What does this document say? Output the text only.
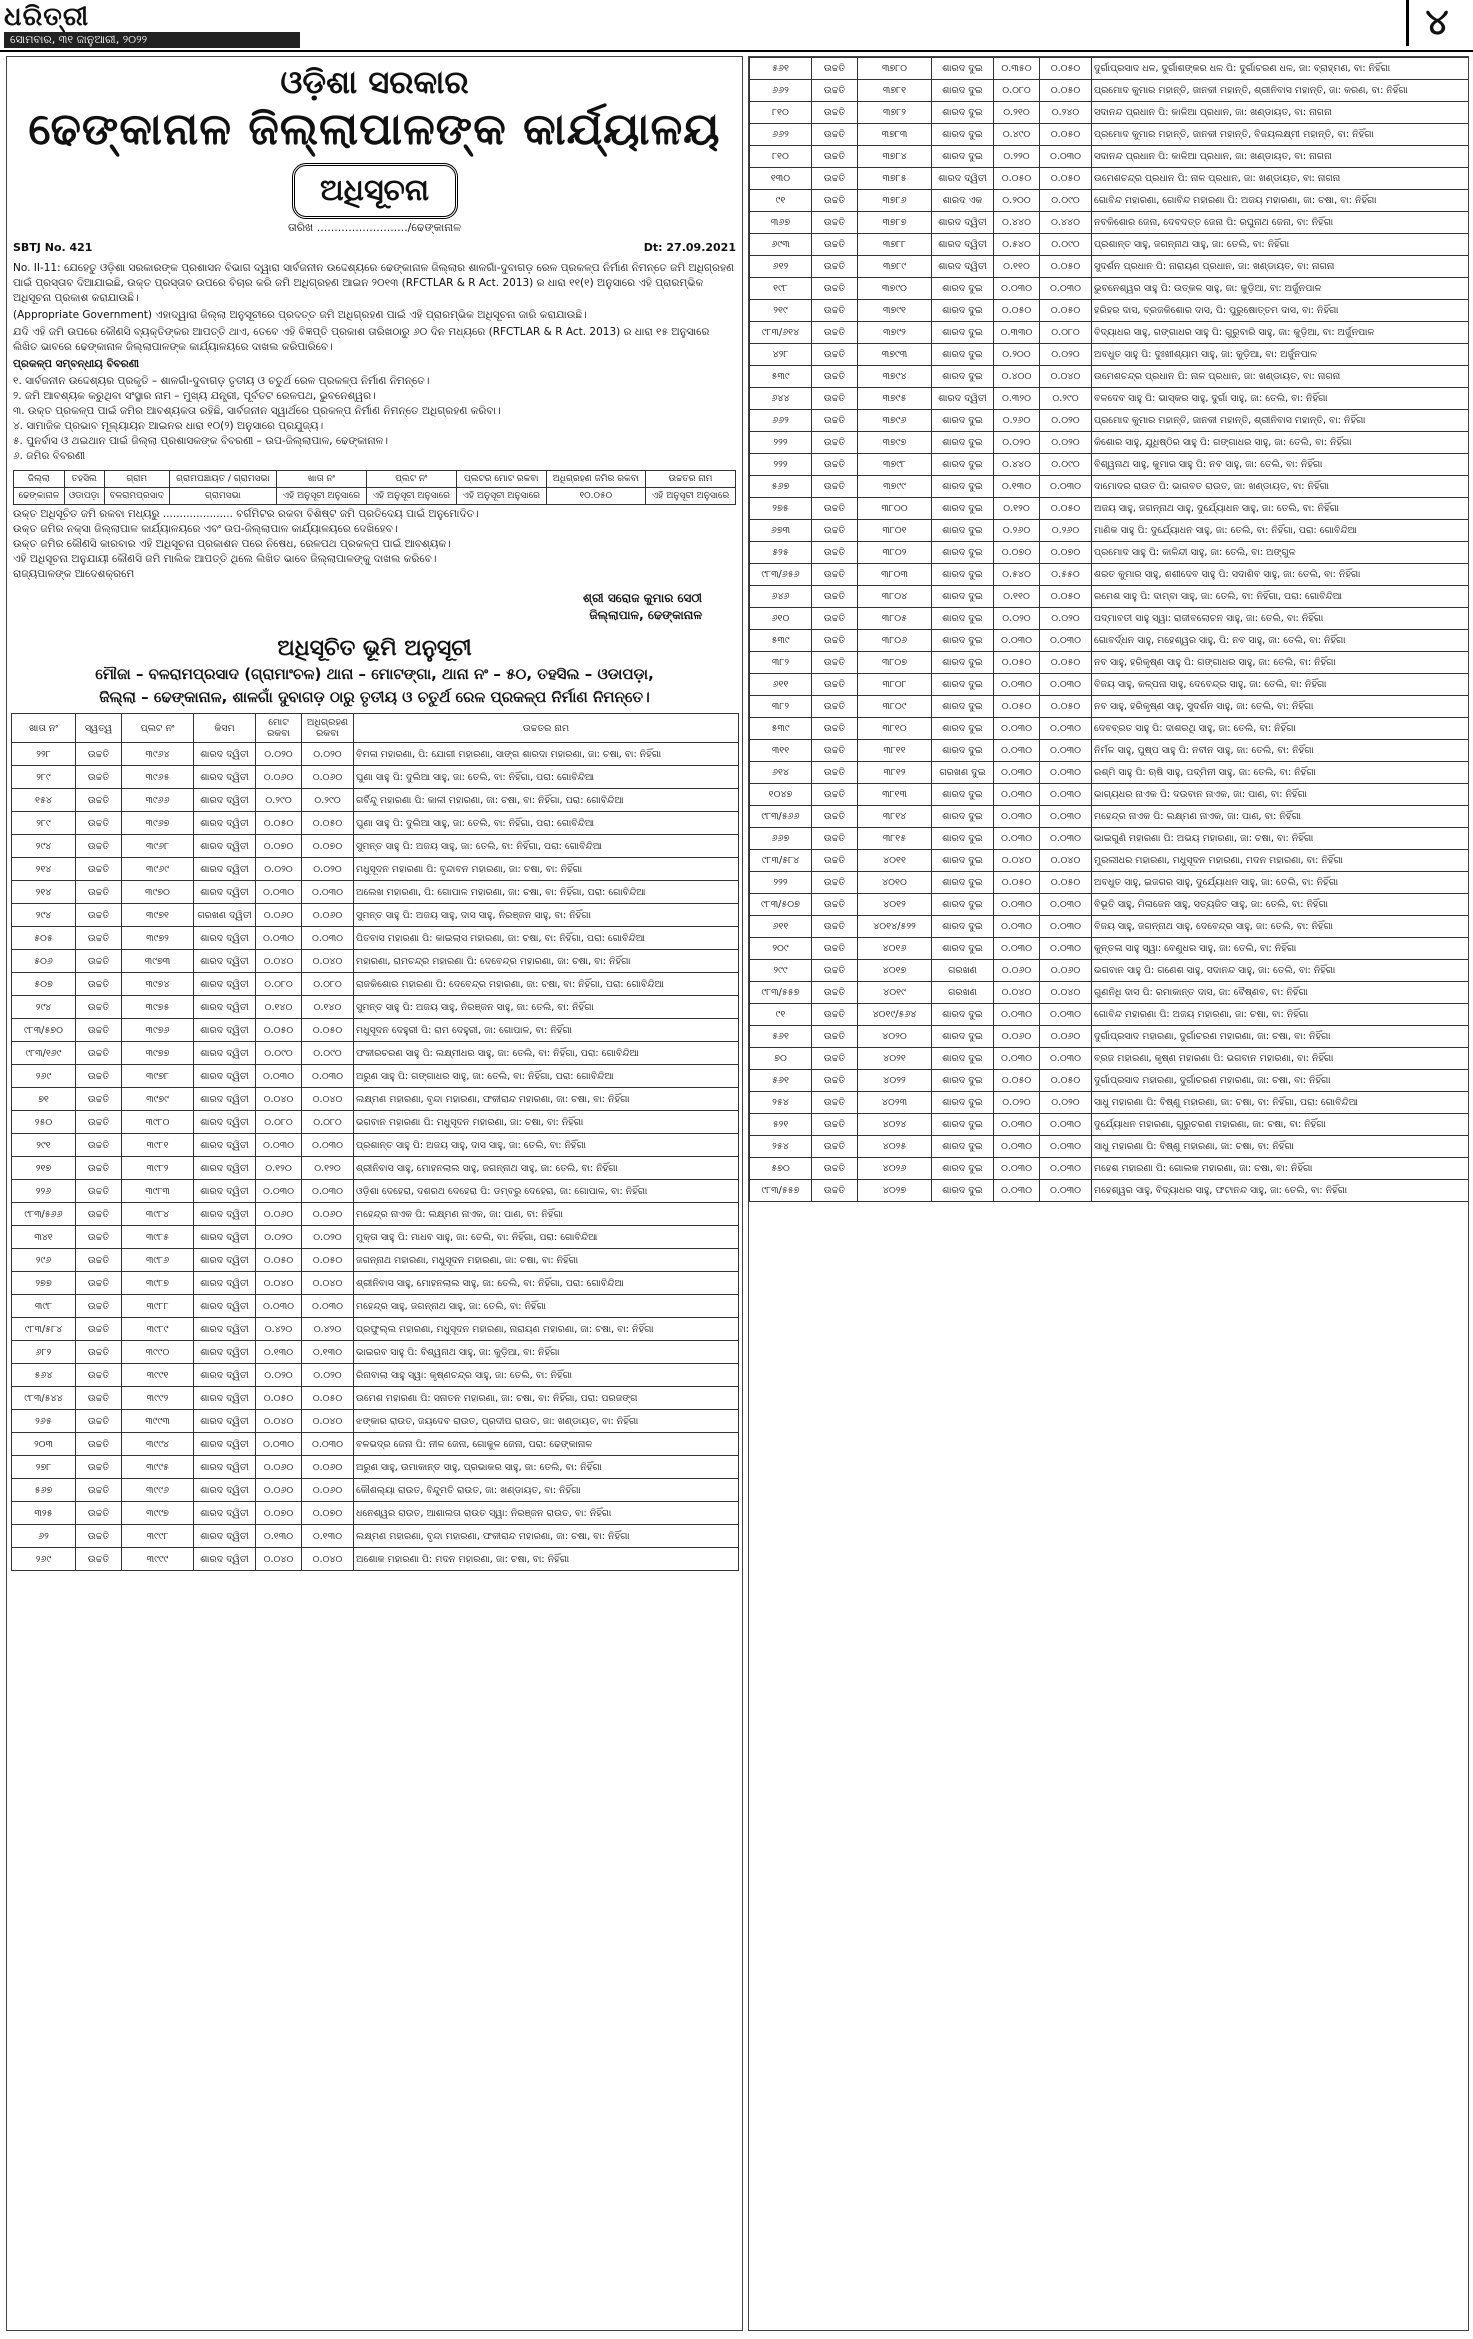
ଧରିତ୍ରୀ
ସୋମବାର, ୩୧ ଜାନୁଆରୀ, ୨୦୨୨	୪
ଓଡ଼ିଶା ସରକାର
ଢେଙ୍କାନାଳ ଜିଲ୍ଲାପାଳଙ୍କ କାର୍ଯ୍ୟାଳୟ
ଅଧିସୂଚନା
ତାରିଖ ........................../ଢେଙ୍କାନାଳ
SBTJ No. 421	Dt: 27.09.2021
No. II-11: ଯେହେତୁ ଓଡ଼ିଶା ସରକାରଙ୍କ ପ୍ରଶାସନ ବିଭାଗ ଦ୍ୱାରା ସାର୍ବଜନୀନ ଉଦ୍ଦେଶ୍ୟରେ ଢେଙ୍କାନାଳ ଜିଲ୍ଲାର ଶାଳଗାଁ-ଦୁବାଗଡ଼ ରେଳ ପ୍ରକଳ୍ପ ନିର୍ମାଣ ନିମନ୍ତେ ଜମି ଅଧିଗ୍ରହଣ ପାଇଁ ପ୍ରସ୍ତାବ ଦିଆଯାଇଛି, ଉକ୍ତ ପ୍ରସ୍ତାବ ଉପରେ ବିଚାର କରି ଜମି ଅଧିଗ୍ରହଣ ଆଇନ ୨୦୧୩ (RFCTLAR & R Act. 2013) ର ଧାରା ୧୧(୧) ଅନୁସାରେ ଏହି ପ୍ରାରମ୍ଭିକ ଅଧିସୂଚନା ପ୍ରକାଶ କରାଯାଉଛି।
(Appropriate Government) ଏହାଦ୍ୱାରା ଜିଲ୍ଲା ଅନୁସୂଚୀରେ ପ୍ରଦତ୍ତ ଜମି ଅଧିଗ୍ରହଣ ପାଇଁ ଏହି ପ୍ରାରମ୍ଭିକ ଅଧିସୂଚନା ଜାରି କରାଯାଉଛି।
ଯଦି ଏହି ଜମି ଉପରେ କୌଣସି ବ୍ୟକ୍ତିଙ୍କର ଆପତ୍ତି ଥାଏ, ତେବେ ଏହି ବିଜ୍ଞପ୍ତି ପ୍ରକାଶ ତାରିଖଠାରୁ ୬୦ ଦିନ ମଧ୍ୟରେ (RFCTLAR & R Act. 2013) ର ଧାରା ୧୫ ଅନୁସାରେ ଲିଖିତ ଭାବରେ ଢେଙ୍କାନାଳ ଜିଲ୍ଲାପାଳଙ୍କ କାର୍ଯ୍ୟାଳୟରେ ଦାଖଲ କରିପାରିବେ।
ପ୍ରକଳ୍ପ ସମ୍ବନ୍ଧୀୟ ବିବରଣୀ
୧. ସାର୍ବଜନୀନ ଉଦ୍ଦେଶ୍ୟର ପ୍ରକୃତି – ଶାଳଗାଁ-ଦୁବାଗଡ଼ ତୃତୀୟ ଓ ଚତୁର୍ଥ ରେଳ ପ୍ରକଳ୍ପ ନିର୍ମାଣ ନିମନ୍ତେ।
୨. ଜମି ଆବଶ୍ୟକ କରୁଥିବା ସଂସ୍ଥାର ନାମ – ମୁଖ୍ୟ ଯନ୍ତ୍ରୀ, ପୂର୍ବତଟ ରେଳପଥ, ଭୁବନେଶ୍ୱର।
୩. ଉକ୍ତ ପ୍ରକଳ୍ପ ପାଇଁ ଜମିର ଆବଶ୍ୟକତା ରହିଛି, ସାର୍ବଜନୀନ ସ୍ୱାର୍ଥରେ ପ୍ରକଳ୍ପ ନିର୍ମାଣ ନିମନ୍ତେ ଅଧିଗ୍ରହଣ କରିବା।
୪. ସାମାଜିକ ପ୍ରଭାବ ମୂଲ୍ୟାୟନ ଆଇନର ଧାରା ୧୦(୨) ଅନୁସାରେ ପ୍ରଯୁଜ୍ୟ।
୫. ପୁନର୍ବାସ ଓ ଥଇଥାନ ପାଇଁ ଜିଲ୍ଲା ପ୍ରଶାସକଙ୍କ ବିବରଣୀ – ଉପ-ଜିଲ୍ଲାପାଳ, ଢେଙ୍କାନାଳ।
୬. ଜମିର ବିବରଣୀ
ଜିଲ୍ଲା	ତହସିଲ	ଗ୍ରାମ	ଗ୍ରାମପଞ୍ଚାୟତ / ଗ୍ରାମସଭା	ଖାତା ନଂ	ପ୍ଲଟ ନଂ	ପ୍ଲଟର ମୋଟ ରକବା	ଅଧିଗ୍ରହଣ ଜମିର ରକବା	ଉଚ୍ଚତର ନାମ
ଢେଙ୍କାନାଳ	ଓଡାପଡ଼ା	ବଳରାମପ୍ରସାଦ	ଗ୍ରାମସଭା	ଏହି ଅନୁସୂଚୀ ଅନୁସାରେ	ଏହି ଅନୁସୂଚୀ ଅନୁସାରେ	ଏହି ଅନୁସୂଚୀ ଅନୁସାରେ	୧୦.୦୫୦	ଏହି ଅନୁସୂଚୀ ଅନୁସାରେ
ଉକ୍ତ ଅଧିସୂଚିତ ଜମି ରକବା ମଧ୍ୟରୁ ..................... ବର୍ଗମିଟର ରକବା ବିଶିଷ୍ଟ ଜମି ପ୍ରତିଦେୟ ପାଇଁ ଅନୁମୋଦିତ।
ଉକ୍ତ ଜମିର ନକ୍ସା ଜିଲ୍ଲାପାଳ କାର୍ଯ୍ୟାଳୟରେ ଏବଂ ଉପ-ଜିଲ୍ଲାପାଳ କାର୍ଯ୍ୟାଳୟରେ ଦେଖିହେବ।
ଉକ୍ତ ଜମିର କୌଣସି କାରବାର ଏହି ଅଧିସୂଚନା ପ୍ରକାଶନ ପରେ ନିଷେଧ, ରେଳପଥ ପ୍ରକଳ୍ପ ପାଇଁ ଆବଶ୍ୟକ।
ଏହି ଅଧିସୂଚନା ଅନୁଯାୟୀ କୌଣସି ଜମି ମାଲିକ ଆପତ୍ତି ଥିଲେ ଲିଖିତ ଭାବେ ଜିଲ୍ଲାପାଳଙ୍କୁ ଦାଖଲ କରିବେ।
ରାଜ୍ୟପାଳଙ୍କ ଆଦେଶକ୍ରମେ
ଶ୍ରୀ ସରୋଜ କୁମାର ସେଠୀ
ଜିଲ୍ଲାପାଳ, ଢେଙ୍କାନାଳ
ଅଧିସୂଚିତ ଭୂମି ଅନୁସୂଚୀ
ମୌଜା – ବଳରାମପ୍ରସାଦ (ଗ୍ରାମାଂଚଳ) ଥାନା – ମୋଟଙ୍ଗା, ଥାନା ନଂ – ୫୦, ତହସିଲ – ଓଡାପଡ଼ା,
ଜିଲ୍ଲା – ଢେଙ୍କାନାଳ, ଶାଳଗାଁ ଦୁବାଗଡ଼ ଠାରୁ ତୃତୀୟ ଓ ଚତୁର୍ଥ ରେଳ ପ୍ରକଳ୍ପ ନିର୍ମାଣ ନିମନ୍ତେ।
ଖାତା ନଂ	ସ୍ୱତ୍ୱ	ପ୍ଲଟ ନଂ	କିସମ	ମୋଟ ରକବା	ଅଧିଗ୍ରହଣ ରକବା	ଉଚ୍ଚତର ନାମ
୨୨୮	ଉଚ୍ଚତି	୩୯୬୪	ଶାରଦ ଦ୍ୱିତୀ	୦.୦୨୦	୦.୦୨୦	ବିମଳା ମହାରଣା, ପି: ଯୋଗୀ ମହାରଣା, ସାଙ୍ଗ ଶାରଦା ମହାରଣା, ଜା: ଚଷା, ବା: ନିହିଁଗା
୨୮୯	ଉଚ୍ଚତି	୩୯୬୫	ଶାରଦ ଦ୍ୱିତୀ	୦.୦୬୦	୦.୦୬୦	ଘୁଣା ସାହୁ ପି: ଦୁଲିଆ ସାହୁ, ଜା: ତେଲି, ବା: ନିହିଁଗା, ପରା: ଗୋବିନ୍ଦିଆ
୧୫୪	ଉଚ୍ଚତି	୩୯୬୬	ଶାରଦ ଦ୍ୱିତୀ	୦.୨୯୦	୦.୨୯୦	ଗର୍ବିନ୍ଦୁ ମହାରଣା ପି: କାଳୀ ମହାରଣା, ଜା: ଚଷା, ବା: ନିହିଁଗା, ପରା: ଗୋବିନ୍ଦିଆ
୨୮୯	ଉଚ୍ଚତି	୩୯୬୭	ଶାରଦ ଦ୍ୱିତୀ	୦.୦୫୦	୦.୦୫୦	ଘୁଣା ସାହୁ ପି: ଦୁଲିଆ ସାହୁ, ଜା: ତେଲି, ବା: ନିହିଁଗା, ପରା: ଗୋବିନ୍ଦିଆ
୨୯୪	ଉଚ୍ଚତି	୩୯୬୮	ଶାରଦ ଦ୍ୱିତୀ	୦.୦୭୦	୦.୦୭୦	ସୁମନ୍ତ ସାହୁ ପି: ଅଜୟ ସାହୁ, ଜା: ତେଲି, ବା: ନିହିଁଗା, ପରା: ଗୋବିନ୍ଦିଆ
୨୧୪	ଉଚ୍ଚତି	୩୯୬୯	ଶାରଦ ଦ୍ୱିତୀ	୦.୦୨୦	୦.୦୨୦	ମଧୁସୂଦନ ମହାରଣା ପି: ବୃନ୍ଦାବନ ମହାରଣା, ଜା: ଚଷା, ବା: ନିହିଁଗା
୨୧୪	ଉଚ୍ଚତି	୩୯୭୦	ଶାରଦ ଦ୍ୱିତୀ	୦.୦୩୦	୦.୦୩୦	ଅଲେଖ ମହାରଣା, ପି: ଗୋପାଳ ମହାରଣା, ଜା: ଚଷା, ବା: ନିହିଁଗା, ପରା: ଗୋବିନ୍ଦିଆ
୨୯୪	ଉଚ୍ଚତି	୩୯୭୧	ଗରଖଣ ଦ୍ୱିତୀ	୦.୦୬୦	୦.୦୬୦	ସୁମନ୍ତ ସାହୁ ପି: ଅଜୟ ସାହୁ, ଦାସ ସାହୁ, ନିରଞ୍ଜନ ସାହୁ, ବା: ନିହିଁଗା
୫୦୫	ଉଚ୍ଚତି	୩୯୭୨	ଶାରଦ ଦ୍ୱିତୀ	୦.୦୩୦	୦.୦୩୦	ପିତବାସ ମହାରଣା ପି: କାଇଲାସ ମହାରଣା, ଜା: ଚଷା, ବା: ନିହିଁଗା, ପରା: ଗୋବିନ୍ଦିଆ
୫୦୬	ଉଚ୍ଚତି	୩୯୭୩	ଶାରଦ ଦ୍ୱିତୀ	୦.୦୪୦	୦.୦୪୦	ମହାରଣା, ରାମଚନ୍ଦ୍ର ମହାରଣା ପି: ଦେବେନ୍ଦ୍ର ମହାରଣା, ଜା: ଚଷା, ବା: ନିହିଁଗା
୫୦୭	ଉଚ୍ଚତି	୩୯୭୪	ଶାରଦ ଦ୍ୱିତୀ	୦.୦୮୦	୦.୦୮୦	ରାଜକିଶୋର ମହାରଣା ପି: ଦେବେନ୍ଦ୍ର ମହାରଣା, ଜା: ଚଷା, ବା: ନିହିଁଗା, ପରା: ଗୋବିନ୍ଦିଆ
୨୯୪	ଉଚ୍ଚତି	୩୯୭୫	ଶାରଦ ଦ୍ୱିତୀ	୦.୧୪୦	୦.୧୪୦	ସୁମନ୍ତ ସାହୁ ପି: ଅଜୟ ସାହୁ, ନିରଞ୍ଜନ ସାହୁ, ଜା: ତେଲି, ବା: ନିହିଁଗା
୯୮୩/୫୭୦	ଉଚ୍ଚତି	୩୯୭୬	ଶାରଦ ଦ୍ୱିତୀ	୦.୦୫୦	୦.୦୫୦	ମଧୁସୂଦନ ଦେହୁରୀ ପି: ରାମ ଦେହୁରୀ, ଜା: ଗୋପାଳ, ବା: ନିହିଁଗା
୯୮୩/୧୬୯	ଉଚ୍ଚତି	୩୯୭୭	ଶାରଦ ଦ୍ୱିତୀ	୦.୦୯୦	୦.୦୯୦	ଫକୀରଚରଣ ସାହୁ ପି: ଲକ୍ଷ୍ମୀଧର ସାହୁ, ଜା: ତେଲି, ବା: ନିହିଁଗା, ପରା: ଗୋବିନ୍ଦିଆ
୨୬୯	ଉଚ୍ଚତି	୩୯୭୮	ଶାରଦ ଦ୍ୱିତୀ	୦.୦୩୦	୦.୦୩୦	ଅରୁଣ ସାହୁ ପି: ଗଙ୍ଗାଧର ସାହୁ, ଜା: ତେଲି, ବା: ନିହିଁଗା, ପରା: ଗୋବିନ୍ଦିଆ
୭୧	ଉଚ୍ଚତି	୩୯୭୯	ଶାରଦ ଦ୍ୱିତୀ	୦.୦୪୦	୦.୦୪୦	ଲକ୍ଷ୍ମଣ ମହାରଣା, ବୃନ୍ଦା ମହାରଣା, ଫକୀରାନ୍ଦ ମହାରଣା, ଜା: ଚଷା, ବା: ନିହିଁଗା
୨୫୦	ଉଚ୍ଚତି	୩୯୮୦	ଶାରଦ ଦ୍ୱିତୀ	୦.୦୮୦	୦.୦୮୦	ଭଗବାନ ମହାରଣା ପି: ମଧୁସୂଦନ ମହାରଣା, ଜା: ଚଷା, ବା: ନିହିଁଗା
୨୯୧	ଉଚ୍ଚତି	୩୯୮୧	ଶାରଦ ଦ୍ୱିତୀ	୦.୦୩୦	୦.୦୩୦	ପ୍ରଶାନ୍ତ ସାହୁ ପି: ଅଜୟ ସାହୁ, ଦାସ ସାହୁ, ଜା: ତେଲି, ବା: ନିହିଁଗା
୨୧୭	ଉଚ୍ଚତି	୩୯୮୨	ଶାରଦ ଦ୍ୱିତୀ	୦.୧୨୦	୦.୧୨୦	ଶ୍ରୀନିବାସ ସାହୁ, ମୋହନଲାଲ ସାହୁ, ଜଗନ୍ନାଥ ସାହୁ, ଜା: ତେଲି, ବା: ନିହିଁଗା
୨୨୬	ଉଚ୍ଚତି	୩୯୮୩	ଶାରଦ ଦ୍ୱିତୀ	୦.୦୩୦	୦.୦୩୦	ଓଡ଼ିଶା ଦେହେରା, ଦଶରଥ ଦେହେରା ପି: ଡମ୍ବରୁ ଦେହେରା, ଜା: ଗୋପାଳ, ବା: ନିହିଁଗା
୯୮୩/୫୬୬	ଉଚ୍ଚତି	୩୯୮୪	ଶାରଦ ଦ୍ୱିତୀ	୦.୦୬୦	୦.୦୬୦	ମହେନ୍ଦ୍ର ନାଏକ ପି: ଲକ୍ଷ୍ମଣ ନାଏକ, ଜା: ପାଣ, ବା: ନିହିଁଗା
୩୪୧	ଉଚ୍ଚତି	୩୯୮୫	ଶାରଦ ଦ୍ୱିତୀ	୦.୦୨୦	୦.୦୨୦	ମୁକ୍ତା ସାହୁ ପି: ମାଧବ ସାହୁ, ଜା: ତେଲି, ବା: ନିହିଁଗା, ପରା: ଗୋବିନ୍ଦିଆ
୨୯୬	ଉଚ୍ଚତି	୩୯୮୬	ଶାରଦ ଦ୍ୱିତୀ	୦.୦୫୦	୦.୦୫୦	ଜଗନ୍ନାଥ ମହାରଣା, ମଧୁସୂଦନ ମହାରଣା, ଜା: ଚଷା, ବା: ନିହିଁଗା
୨୭୭	ଉଚ୍ଚତି	୩୯୮୭	ଶାରଦ ଦ୍ୱିତୀ	୦.୦୪୦	୦.୦୪୦	ଶ୍ରୀନିବାସ ସାହୁ, ମୋହନଲାଲ ସାହୁ, ଜା: ତେଲି, ବା: ନିହିଁଗା, ପରା: ଗୋବିନ୍ଦିଆ
୩୯୮	ଉଚ୍ଚତି	୩୯୮୮	ଶାରଦ ଦ୍ୱିତୀ	୦.୦୩୦	୦.୦୩୦	ମହେନ୍ଦ୍ର ସାହୁ, ଜଗନ୍ନାଥ ସାହୁ, ଜା: ତେଲି, ବା: ନିହିଁଗା
୯୮୩/୫୮୪	ଉଚ୍ଚତି	୩୯୮୯	ଶାରଦ ଦ୍ୱିତୀ	୦.୪୨୦	୦.୪୨୦	ପ୍ରଫୁଲ୍ଲ ମହାରଣା, ମଧୁସୂଦନ ମହାରଣା, ନାରାୟଣ ମହାରଣା, ଜା: ଚଷା, ବା: ନିହିଁଗା
୬୮୨	ଉଚ୍ଚତି	୩୯୯୦	ଶାରଦ ଦ୍ୱିତୀ	୦.୧୩୦	୦.୧୩୦	ଭାଇରବ ସାହୁ ପି: ବିଶ୍ୱନାଥ ସାହୁ, ଜା: କୁଡ଼ିଆ, ବା: ନିହିଁଗା
୫୬୪	ଉଚ୍ଚତି	୩୯୯୧	ଶାରଦ ଦ୍ୱିତୀ	୦.୦୨୦	୦.୦୨୦	ରିନାବାଲା ସାହୁ ସ୍ୱା: କୃଷ୍ଣଚନ୍ଦ୍ର ସାହୁ, ଜା: ତେଲି, ବା: ନିହିଁଗା
୯୮୩/୫୪୪	ଉଚ୍ଚତି	୩୯୯୨	ଶାରଦ ଦ୍ୱିତୀ	୦.୦୫୦	୦.୦୫୦	ଉମେଶ ମହାରଣା ପି: ସନାତନ ମହାରଣା, ଜା: ଚଷା, ବା: ନିହିଁଗା, ପରା: ପରଜଙ୍ଗ
୨୬୫	ଉଚ୍ଚତି	୩୯୯୩	ଶାରଦ ଦ୍ୱିତୀ	୦.୦୪୦	୦.୦୪୦	ଝଙ୍କାର ରାଉତ, ଜୟଦେବ ରାଉତ, ପ୍ରଦୀପ ରାଉତ, ଜା: ଖଣ୍ଡାୟତ, ବା: ନିହିଁଗା
୨୦୩	ଉଚ୍ଚତି	୩୯୯୪	ଶାରଦ ଦ୍ୱିତୀ	୦.୦୩୦	୦.୦୩୦	ବଳଭଦ୍ର ଜେନା ପି: ନୀଳ ଜେନା, ଗୋକୁଳ ଜେନା, ପରା: ଢେଙ୍କାନାଳ
୨୭୮	ଉଚ୍ଚତି	୩୯୯୫	ଶାରଦ ଦ୍ୱିତୀ	୦.୦୬୦	୦.୦୬୦	ଅରୁଣ ସାହୁ, ଉମାକାନ୍ତ ସାହୁ, ପ୍ରଭାକର ସାହୁ, ଜା: ତେଲି, ବା: ନିହିଁଗା
୫୬୭	ଉଚ୍ଚତି	୩୯୯୬	ଶାରଦ ଦ୍ୱିତୀ	୦.୦୬୦	୦.୦୬୦	କୌଶଲ୍ୟା ରାଉତ, ବିନ୍ଦୁମତି ରାଉତ, ଜା: ଖଣ୍ଡାୟତ, ବା: ନିହିଁଗା
୩୨୫	ଉଚ୍ଚତି	୩୯୯୭	ଶାରଦ ଦ୍ୱିତୀ	୦.୦୭୦	୦.୦୭୦	ଧନେଶ୍ୱର ରାଉତ, ଆଶାଲତା ରାଉତ ସ୍ୱା: ନିରଞ୍ଜନ ରାଉତ, ବା: ନିହିଁଗା
୬୨	ଉଚ୍ଚତି	୩୯୯୮	ଶାରଦ ଦ୍ୱିତୀ	୦.୧୩୦	୦.୧୩୦	ଲକ୍ଷ୍ମଣ ମହାରଣା, ବୃନ୍ଦା ମହାରଣା, ଫକୀରାନ୍ଦ ମହାରଣା, ଜା: ଚଷା, ବା: ନିହିଁଗା
୨୬୯	ଉଚ୍ଚତି	୩୯୯୯	ଶାରଦ ଦ୍ୱିତୀ	୦.୦୪୦	୦.୦୪୦	ଅଶୋକ ମହାରଣା ପି: ମଦନ ମହାରଣା, ଜା: ଚଷା, ବା: ନିହିଁଗା
୫୬୧	ଉଚ୍ଚତି	୩୭୮୦	ଶାରଦ ଦୁଇ	୦.୩୫୦	୦.୦୫୦	ଦୁର୍ଗାପ୍ରସାଦ ଧଳ, ଦୁର୍ଗାଶଙ୍କର ଧଳ ପି: ଦୁର୍ଗାଚରଣ ଧଳ, ଜା: ବ୍ରାହ୍ମଣ, ବା: ନିହିଁଗା
୬୬୨	ଉଚ୍ଚତି	୩୭୮୧	ଶାରଦ ଦୁଇ	୦.୦୮୦	୦.୦୫୦	ପ୍ରମୋଦ କୁମାର ମହାନ୍ତି, ଜାନକୀ ମହାନ୍ତି, ଶ୍ରୀନିବାସ ମହାନ୍ତି, ଜା: କରଣ, ବା: ନିହିଁଗା
୮୧୦	ଉଚ୍ଚତି	୩୭୮୨	ଶାରଦ ଦୁଇ	୦.୨୧୦	୦.୨୪୦	ସଦାନନ୍ଦ ପ୍ରଧାନ ପି: କାଳିଆ ପ୍ରଧାନ, ଜା: ଖଣ୍ଡାୟତ, ବା: ନାଗନା
୬୬୨	ଉଚ୍ଚତି	୩୭୮୩	ଶାରଦ ଦୁଇ	୦.୪୯୦	୦.୦୫୦	ପ୍ରମୋଦ କୁମାର ମହାନ୍ତି, ଜାନକୀ ମହାନ୍ତି, ବିଜୟଲକ୍ଷ୍ମୀ ମହାନ୍ତି, ବା: ନିହିଁଗା
୮୧୦	ଉଚ୍ଚତି	୩୭୮୪	ଶାରଦ ଦୁଇ	୦.୨୨୦	୦.୦୩୦	ସଦାନନ୍ଦ ପ୍ରଧାନ ପି: କାଳିଆ ପ୍ରଧାନ, ଜା: ଖଣ୍ଡାୟତ, ବା: ନାଗନା
୧୩୦	ଉଚ୍ଚତି	୩୭୮୫	ଶାରଦ ଦ୍ୱିତୀ	୦.୦୫୦	୦.୦୫୦	ଉମେଶଚନ୍ଦ୍ର ପ୍ରଧାନ ପି: ନାଳ ପ୍ରଧାନ, ଜା: ଖଣ୍ଡାୟତ, ବା: ନାଗନା
୯୧	ଉଚ୍ଚତି	୩୭୮୬	ଶାରଦ ଏକ	୦.୨୦୦	୦.୦୯୦	ଗୋବିନ୍ଦ ମହାରଣା, ଗୋବିନ୍ଦ ମହାରଣା ପି: ଅଜୟ ମହାରଣା, ଜା: ଚଷା, ବା: ନିହିଁଗା
୩୬୭	ଉଚ୍ଚତି	୩୭୮୭	ଶାରଦ ଦ୍ୱିତୀ	୦.୪୪୦	୦.୪୪୦	ନବକିଶୋର ଜେନା, ଦେବଦତ୍ତ ଜେନା ପି: ରଘୁନାଥ ଜେନା, ବା: ନିହିଁଗା
୬୯୩	ଉଚ୍ଚତି	୩୭୮୮	ଶାରଦ ଦ୍ୱିତୀ	୦.୫୪୦	୦.୦୯୦	ପ୍ରଶାନ୍ତ ସାହୁ, ଜଗନ୍ନାଥ ସାହୁ, ଜା: ତେଲି, ବା: ନିହିଁଗା
୬୧୨	ଉଚ୍ଚତି	୩୭୮୯	ଶାରଦ ଦ୍ୱିତୀ	୦.୧୧୦	୦.୦୫୦	ସୁଦର୍ଶନ ପ୍ରଧାନ ପି: ନାରାୟଣ ପ୍ରଧାନ, ଜା: ଖଣ୍ଡାୟତ, ବା: ନାଗନା
୧୯୮	ଉଚ୍ଚତି	୩୭୯୦	ଶାରଦ ଦୁଇ	୦.୦୩୦	୦.୦୩୦	ଭୁବନେଶ୍ୱର ସାହୁ ପି: ଉତ୍କଳ ସାହୁ, ଜା: କୁଡ଼ିଆ, ବା: ଅର୍ଜୁନପାଳ
୨୧୯	ଉଚ୍ଚତି	୩୭୯୧	ଶାରଦ ଦୁଇ	୦.୦୫୦	୦.୦୫୦	ହରିହର ଦାସ, ବ୍ରଜକିଶୋର ଦାସ, ପି: ପୁରୁଷୋତ୍ତମ ଦାସ, ବା: ନିହିଁଗା
୯୮୩/୬୧୪	ଉଚ୍ଚତି	୩୭୯୨	ଶାରଦ ଦୁଇ	୦.୩୩୦	୦.୦୮୦	ବିଦ୍ୟାଧର ସାହୁ, ଗଙ୍ଗାଧର ସାହୁ ପି: ଗୁରୁବାରି ସାହୁ, ଜା: କୁଡ଼ିଆ, ବା: ଅର୍ଜୁନପାଳ
୪୨୮	ଉଚ୍ଚତି	୩୭୯୩	ଶାରଦ ଦୁଇ	୦.୨୦୦	୦.୦୨୦	ଅବଧୁତ ସାହୁ ପି: ଦୁଃଖୀଶ୍ୟାମ ସାହୁ, ଜା: କୁଡ଼ିଆ, ବା: ଅର୍ଜୁନପାଳ
୫୩୯	ଉଚ୍ଚତି	୩୭୯୪	ଶାରଦ ଦୁଇ	୦.୪୦୦	୦.୦୪୦	ଉମେଶଚନ୍ଦ୍ର ପ୍ରଧାନ ପି: ନାଳ ପ୍ରଧାନ, ଜା: ଖଣ୍ଡାୟତ, ବା: ନାଗନା
୬୪୪	ଉଚ୍ଚତି	୩୭୯୫	ଶାରଦ ଦ୍ୱିତୀ	୦.୩୨୦	୦.୨୯୦	ବଳଦେବ ସାହୁ ପି: ଭାସ୍କର ସାହୁ, ଦୁର୍ଗା ସାହୁ, ଜା: ତେଲି, ବା: ନିହିଁଗା
୬୬୨	ଉଚ୍ଚତି	୩୭୯୬	ଶାରଦ ଦୁଇ	୦.୨୬୦	୦.୦୨୦	ପ୍ରମୋଦ କୁମାର ମହାନ୍ତି, ଜାନକୀ ମହାନ୍ତି, ଶ୍ରୀନିବାସ ମହାନ୍ତି, ବା: ନିହିଁଗା
୨୨୨	ଉଚ୍ଚତି	୩୭୯୭	ଶାରଦ ଦୁଇ	୦.୦୨୦	୦.୦୨୦	କିଶୋର ସାହୁ, ଯୁଧିଷ୍ଠିର ସାହୁ ପି: ଗଙ୍ଗାଧର ସାହୁ, ଜା: ତେଲି, ବା: ନିହିଁଗା
୨୨୨	ଉଚ୍ଚତି	୩୭୯୮	ଶାରଦ ଦୁଇ	୦.୪୪୦	୦.୦୯୦	ବିଶ୍ୱନାଥ ସାହୁ, କୁମାର ସାହୁ ପି: ନବ ସାହୁ, ଜା: ତେଲି, ବା: ନିହିଁଗା
୫୬୭	ଉଚ୍ଚତି	୩୭୯୯	ଶାରଦ ଦୁଇ	୦.୧୩୦	୦.୦୩୦	ଦାମୋଦର ରାଉତ ପି: ଭାଗବତ ରାଉତ, ଜା: ଖଣ୍ଡାୟତ, ବା: ନିହିଁଗା
୨୭୫	ଉଚ୍ଚତି	୩୮୦୦	ଶାରଦ ଦୁଇ	୦.୧୨୦	୦.୦୫୦	ଅଜୟ ସାହୁ, ଜଗନ୍ନାଥ ସାହୁ, ଦୁର୍ଯ୍ୟୋଧନ ସାହୁ, ଜା: ତେଲି, ବା: ନିହିଁଗା
୬୭୩	ଉଚ୍ଚତି	୩୮୦୧	ଶାରଦ ଦୁଇ	୦.୨୬୦	୦.୨୬୦	ମାଣିକ ସାହୁ ପି: ଦୁର୍ଯ୍ୟୋଧନ ସାହୁ, ଜା: ତେଲି, ବା: ନିହିଁଗା, ପରା: ଗୋବିନ୍ଦିଆ
୫୨୫	ଉଚ୍ଚତି	୩୮୦୨	ଶାରଦ ଦୁଇ	୦.୦୭୦	୦.୦୭୦	ପ୍ରମୋଦ ସାହୁ ପି: କାଳିନ୍ଦୀ ସାହୁ, ଜା: ତେଲି, ବା: ଅଙ୍ଗୁଳ
୯୮୩/୬୫୬	ଉଚ୍ଚତି	୩୮୦୩	ଶାରଦ ଦୁଇ	୦.୫୪୦	୦.୫୫୦	ଶରତ କୁମାର ସାହୁ, ଶଶୀଦେବ ସାହୁ ପି: ସଦାଶିବ ସାହୁ, ଜା: ତେଲି, ବା: ନିହିଁଗା
୬୪୬	ଉଚ୍ଚତି	୩୮୦୪	ଶାରଦ ଦୁଇ	୦.୧୧୦	୦.୦୫୦	ରମେଶ ସାହୁ ପି: ଦାମ୍ବା ସାହୁ, ଜା: ତେଲି, ବା: ନିହିଁଗା, ପରା: ଗୋବିନ୍ଦିଆ
୬୧୦	ଉଚ୍ଚତି	୩୮୦୫	ଶାରଦ ଦୁଇ	୦.୦୨୦	୦.୦୨୦	ପଦ୍ମାବତୀ ସାହୁ ସ୍ୱା: ରାଜୀବଲୋଚନ ସାହୁ, ଜା: ତେଲି, ବା: ନିହିଁଗା
୫୩୯	ଉଚ୍ଚତି	୩୮୦୬	ଶାରଦ ଦୁଇ	୦.୦୩୦	୦.୦୩୦	ଗୋବର୍ଦ୍ଧନ ସାହୁ, ମହେଶ୍ୱର ସାହୁ, ପି: ନବ ସାହୁ, ଜା: ତେଲି, ବା: ନିହିଁଗା
୩୮୨	ଉଚ୍ଚତି	୩୮୦୭	ଶାରଦ ଦୁଇ	୦.୦୫୦	୦.୦୫୦	ନବ ସାହୁ, ହରିକୃଷ୍ଣ ସାହୁ ପି: ଗଙ୍ଗାଧର ସାହୁ, ଜା: ତେଲି, ବା: ନିହିଁଗା
୬୧୧	ଉଚ୍ଚତି	୩୮୦୮	ଶାରଦ ଦୁଇ	୦.୦୩୦	୦.୦୩୦	ବିଜୟ ସାହୁ, କଳ୍ପନା ସାହୁ, ଦେବେନ୍ଦ୍ର ସାହୁ, ଜା: ତେଲି, ବା: ନିହିଁଗା
୩୮୨	ଉଚ୍ଚତି	୩୮୦୯	ଶାରଦ ଦୁଇ	୦.୦୫୦	୦.୦୫୦	ନବ ସାହୁ, ହରିକୃଷ୍ଣ ସାହୁ, ସୁଦର୍ଶନ ସାହୁ, ଜା: ତେଲି, ବା: ନିହିଁଗା
୫୩୯	ଉଚ୍ଚତି	୩୮୧୦	ଶାରଦ ଦୁଇ	୦.୦୩୦	୦.୦୩୦	ଦେବବ୍ରତ ସାହୁ ପି: ଦାଶରଥି ସାହୁ, ଜା: ତେଲି, ବା: ନିହିଁଗା
୩୧୧	ଉଚ୍ଚତି	୩୮୧୧	ଶାରଦ ଦୁଇ	୦.୦୩୦	୦.୦୩୦	ନିର୍ମଳ ସାହୁ, ପୁଷ୍ପ ସାହୁ ପି: ନବୀନ ସାହୁ, ଜା: ତେଲି, ବା: ନିହିଁଗା
୬୧୪	ଉଚ୍ଚତି	୩୮୧୨	ଗରଖଣ ଦୁଇ	୦.୦୩୦	୦.୦୩୦	ରଶ୍ମି ସାହୁ ପି: ଋଷି ସାହୁ, ପଦ୍ମିନୀ ସାହୁ, ଜା: ତେଲି, ବା: ନିହିଁଗା
୧୦୪୭	ଉଚ୍ଚତି	୩୮୧୩	ଶାରଦ ଦୁଇ	୦.୦୩୦	୦.୦୩୦	ଭାଗ୍ୟଧର ନାଏକ ପି: ଦଉବାନ ନାଏକ, ଜା: ପାଣ, ବା: ନିହିଁଗା
୯୮୩/୫୬୬	ଉଚ୍ଚତି	୩୮୧୪	ଶାରଦ ଦୁଇ	୦.୦୩୦	୦.୦୩୦	ମହେନ୍ଦ୍ର ନାଏକ ପି: ଲକ୍ଷ୍ମଣ ନାଏକ, ଜା: ପାଣ, ବା: ନିହିଁଗା
୬୬୭	ଉଚ୍ଚତି	୩୮୧୫	ଶାରଦ ଦୁଇ	୦.୦୩୦	୦.୦୩୦	ଭାଇଗୁଣି ମହାରଣା ପି: ଅଭୟ ମହାରଣା, ଜା: ଚଷା, ବା: ନିହିଁଗା
୯୮୩/୫୮୪	ଉଚ୍ଚତି	୪୦୧୧	ଶାରଦ ଦୁଇ	୦.୦୪୦	୦.୦୪୦	ମୁରଲୀଧର ମହାରଣା, ମଧୁସୂଦନ ମହାରଣା, ମଦନ ମହାରଣା, ବା: ନିହିଁଗା
୨୨୨	ଉଚ୍ଚତି	୪୦୧୦	ଶାରଦ ଦୁଇ	୦.୦୫୦	୦.୦୫୦	ଅବଧୁତ ସାହୁ, ଇଜଗର ସାହୁ, ଦୁର୍ଯ୍ୟୋଧନ ସାହୁ, ଜା: ତେଲି, ବା: ନିହିଁଗା
୯୮୩/୫୦୭	ଉଚ୍ଚତି	୪୦୧୨	ଶାରଦ ଦୁଇ	୦.୦୩୦	୦.୦୩୦	ବିଭୂତି ସାହୁ, ମିଳାଜେନ ସାହୁ, ସତ୍ୟଜିତ ସାହୁ, ଜା: ତେଲି, ବା: ନିହିଁଗା
୬୧୧	ଉଚ୍ଚତି	୪୦୧୪/୫୨୨	ଶାରଦ ଦୁଇ	୦.୦୩୦	୦.୦୩୦	ବିଜୟ ସାହୁ, ଜଗନ୍ନାଥ ସାହୁ, ଦେବେନ୍ଦ୍ର ସାହୁ, ଜା: ତେଲି, ବା: ନିହିଁଗା
୨୦୯	ଉଚ୍ଚତି	୪୦୧୬	ଶାରଦ ଦୁଇ	୦.୦୩୦	୦.୦୩୦	କୁନ୍ତଳା ସାହୁ ସ୍ୱା: ବେଣୁଧର ସାହୁ, ଜା: ତେଲି, ବା: ନିହିଁଗା
୨୯୯	ଉଚ୍ଚତି	୪୦୧୭	ଗରଖଣ	୦.୦୬୦	୦.୦୬୦	ଭଗବାନ ସାହୁ ପି: ଗଣେଶ ସାହୁ, ସଦାନନ୍ଦ ସାହୁ, ଜା: ତେଲି, ବା: ନିହିଁଗା
୯୮୩/୫୫୭	ଉଚ୍ଚତି	୪୦୧୯	ଗରଖଣ	୦.୦୪୦	୦.୦୪୦	ଗୁଣନିଧି ଦାସ ପି: ରମାକାନ୍ତ ଦାସ, ଜା: ବୈଷ୍ଣବ, ବା: ନିହିଁଗା
୯୧	ଉଚ୍ଚତି	୪୦୧୯/୫୬୪	ଶାରଦ ଦୁଇ	୦.୦୩୦	୦.୦୩୦	ଗୋବିନ୍ଦ ମହାରଣା ପି: ଅଜୟ ମହାରଣା, ଜା: ଚଷା, ବା: ନିହିଁଗା
୫୬୧	ଉଚ୍ଚତି	୪୦୨୦	ଶାରଦ ଦୁଇ	୦.୦୬୦	୦.୦୬୦	ଦୁର୍ଗାପ୍ରସାଦ ମହାରଣା, ଦୁର୍ଗାଚରଣ ମହାରଣା, ଜା: ଚଷା, ବା: ନିହିଁଗା
୭୦	ଉଚ୍ଚତି	୪୦୨୧	ଶାରଦ ଦୁଇ	୦.୦୩୦	୦.୦୩୦	ବ୍ରଜ ମହାରଣା, କୃଷ୍ଣ ମହାରଣା ପି: ଭଗବାନ ମହାରଣା, ବା: ନିହିଁଗା
୫୬୧	ଉଚ୍ଚତି	୪୦୨୨	ଶାରଦ ଦୁଇ	୦.୦୫୦	୦.୦୫୦	ଦୁର୍ଗାପ୍ରସାଦ ମହାରଣା, ଦୁର୍ଗାଚରଣ ମହାରଣା, ଜା: ଚଷା, ବା: ନିହିଁଗା
୨୫୪	ଉଚ୍ଚତି	୪୦୨୩	ଶାରଦ ଦୁଇ	୦.୦୨୦	୦.୦୨୦	ସାଧୁ ମହାରଣା ପି: ବିଷ୍ଣୁ ମହାରଣା, ଜା: ଚଷା, ବା: ନିହିଁଗା, ପରା: ଗୋବିନ୍ଦିଆ
୫୨୧	ଉଚ୍ଚତି	୪୦୨୪	ଶାରଦ ଦୁଇ	୦.୦୩୦	୦.୦୩୦	ଦୁର୍ଯ୍ୟୋଧନ ମହାରଣା, ଗୁରୁଚରଣ ମହାରଣା, ଜା: ଚଷା, ବା: ନିହିଁଗା
୨୫୪	ଉଚ୍ଚତି	୪୦୨୫	ଶାରଦ ଦୁଇ	୦.୦୩୦	୦.୦୩୦	ସାଧୁ ମହାରଣା ପି: ବିଷ୍ଣୁ ମହାରଣା, ଜା: ଚଷା, ବା: ନିହିଁଗା
୫୭୦	ଉଚ୍ଚତି	୪୦୨୬	ଶାରଦ ଦୁଇ	୦.୦୩୦	୦.୦୩୦	ମହେଶ ମହାରଣା ପି: ଗୋଲକ ମହାରଣା, ଜା: ଚଷା, ବା: ନିହିଁଗା
୯୮୩/୫୫୭	ଉଚ୍ଚତି	୪୦୨୭	ଶାରଦ ଦୁଇ	୦.୦୩୦	୦.୦୩୦	ମହେଶ୍ୱର ସାହୁ, ବିଦ୍ୟାଧର ସାହୁ, ଫଟାନନ୍ଦ ସାହୁ, ଜା: ତେଲି, ବା: ନିହିଁଗା
